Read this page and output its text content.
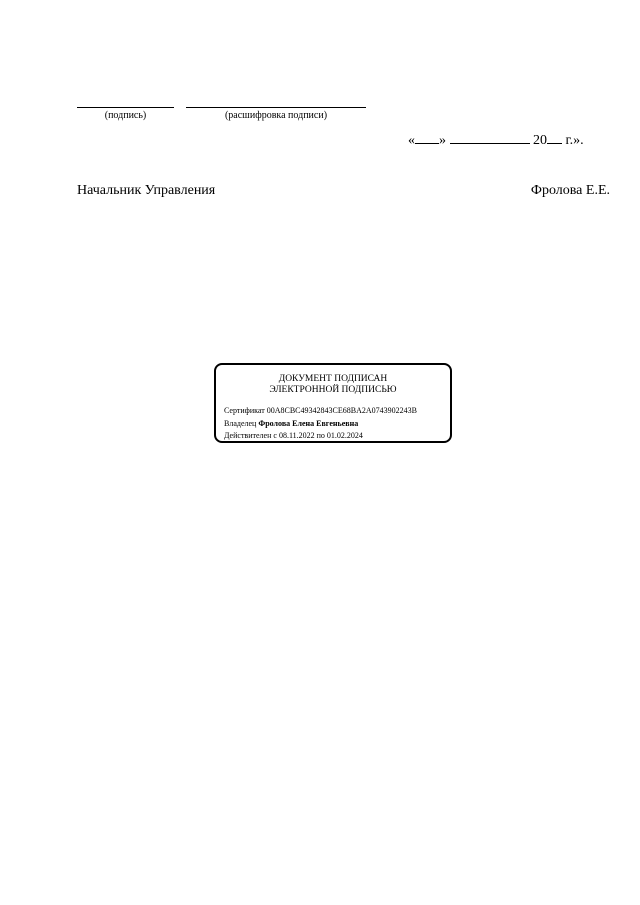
(подпись)	(расшифровка подписи)
« »	20 г.».
Начальник Управления	Фролова Е.Е.
ДОКУМЕНТ ПОДПИСАН
ЭЛЕКТРОННОЙ ПОДПИСЬЮ
Сертификат 00A8CBC49342843CE68BA2A0743902243B
Владелец Фролова Елена Евгеньевна
Действителен с 08.11.2022 по 01.02.2024
